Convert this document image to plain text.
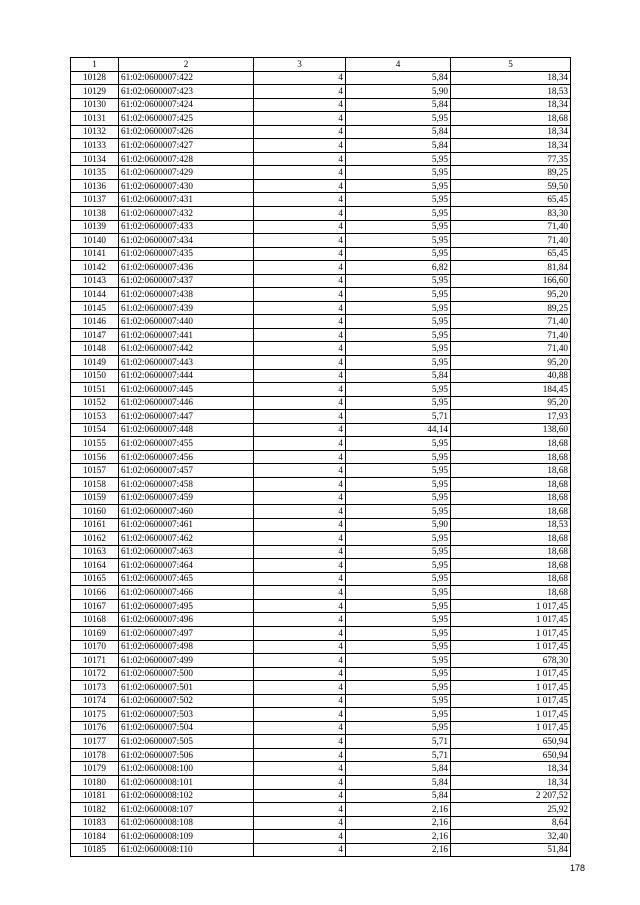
1	2	3	4	5
10128	61:02:0600007:422	4	5,84	18,34
10129	61:02:0600007:423	4	5,90	18,53
10130	61:02:0600007:424	4	5,84	18,34
10131	61:02:0600007:425	4	5,95	18,68
10132	61:02:0600007:426	4	5,84	18,34
10133	61:02:0600007:427	4	5,84	18,34
10134	61:02:0600007:428	4	5,95	77,35
10135	61:02:0600007:429	4	5,95	89,25
10136	61:02:0600007:430	4	5,95	59,50
10137	61:02:0600007:431	4	5,95	65,45
10138	61:02:0600007:432	4	5,95	83,30
10139	61:02:0600007:433	4	5,95	71,40
10140	61:02:0600007:434	4	5,95	71,40
10141	61:02:0600007:435	4	5,95	65,45
10142	61:02:0600007:436	4	6,82	81,84
10143	61:02:0600007:437	4	5,95	166,60
10144	61:02:0600007:438	4	5,95	95,20
10145	61:02:0600007:439	4	5,95	89,25
10146	61:02:0600007:440	4	5,95	71,40
10147	61:02:0600007:441	4	5,95	71,40
10148	61:02:0600007:442	4	5,95	71,40
10149	61:02:0600007:443	4	5,95	95,20
10150	61:02:0600007:444	4	5,84	40,88
10151	61:02:0600007:445	4	5,95	184,45
10152	61:02:0600007:446	4	5,95	95,20
10153	61:02:0600007:447	4	5,71	17,93
10154	61:02:0600007:448	4	44,14	138,60
10155	61:02:0600007:455	4	5,95	18,68
10156	61:02:0600007:456	4	5,95	18,68
10157	61:02:0600007:457	4	5,95	18,68
10158	61:02:0600007:458	4	5,95	18,68
10159	61:02:0600007:459	4	5,95	18,68
10160	61:02:0600007:460	4	5,95	18,68
10161	61:02:0600007:461	4	5,90	18,53
10162	61:02:0600007:462	4	5,95	18,68
10163	61:02:0600007:463	4	5,95	18,68
10164	61:02:0600007:464	4	5,95	18,68
10165	61:02:0600007:465	4	5,95	18,68
10166	61:02:0600007:466	4	5,95	18,68
10167	61:02:0600007:495	4	5,95	1 017,45
10168	61:02:0600007:496	4	5,95	1 017,45
10169	61:02:0600007:497	4	5,95	1 017,45
10170	61:02:0600007:498	4	5,95	1 017,45
10171	61:02:0600007:499	4	5,95	678,30
10172	61:02:0600007:500	4	5,95	1 017,45
10173	61:02:0600007:501	4	5,95	1 017,45
10174	61:02:0600007:502	4	5,95	1 017,45
10175	61:02:0600007:503	4	5,95	1 017,45
10176	61:02:0600007:504	4	5,95	1 017,45
10177	61:02:0600007:505	4	5,71	650,94
10178	61:02:0600007:506	4	5,71	650,94
10179	61:02:0600008:100	4	5,84	18,34
10180	61:02:0600008:101	4	5,84	18,34
10181	61:02:0600008:102	4	5,84	2 207,52
10182	61:02:0600008:107	4	2,16	25,92
10183	61:02:0600008:108	4	2,16	8,64
10184	61:02:0600008:109	4	2,16	32,40
10185	61:02:0600008:110	4	2,16	51,84
178
